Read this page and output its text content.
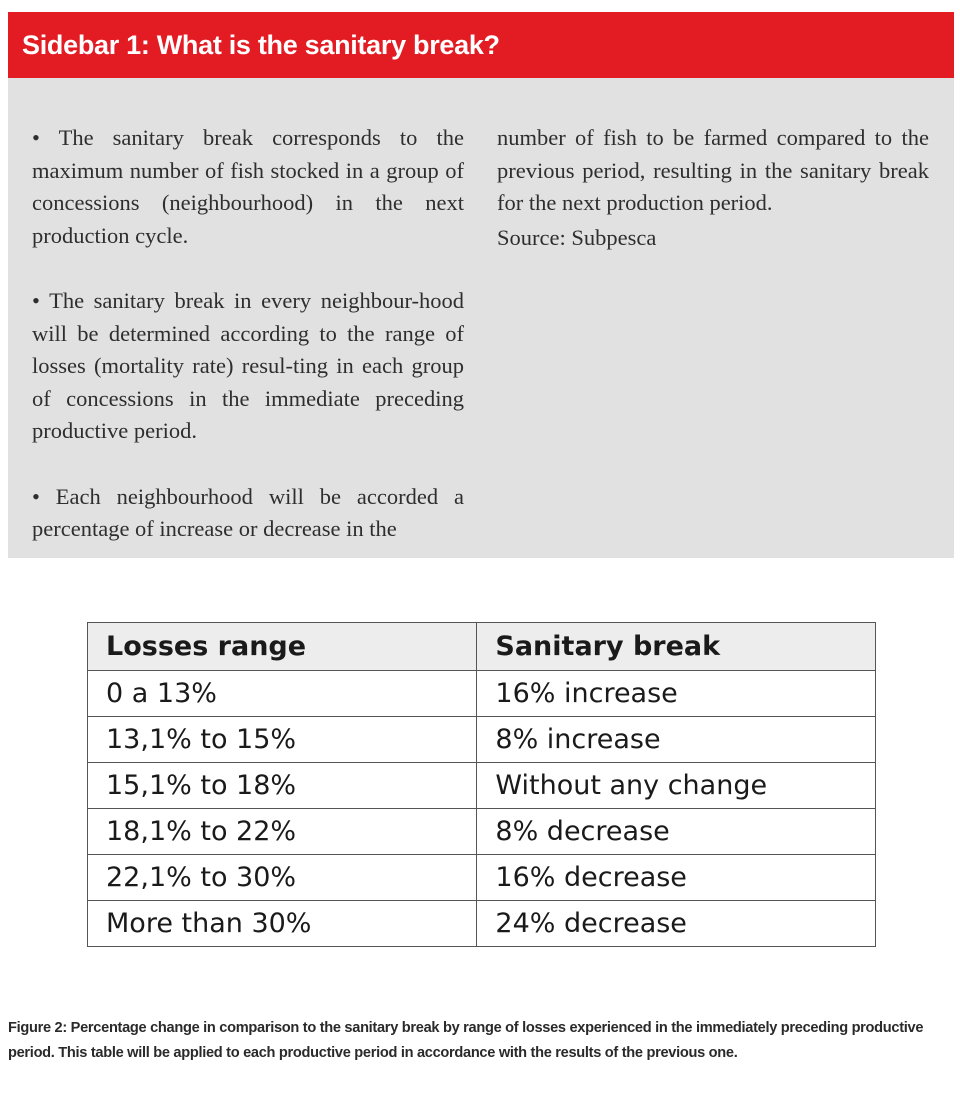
Sidebar 1: What is the sanitary break?

• The sanitary break corresponds to the maximum number of fish stocked in a group of concessions (neighbourhood) in the next production cycle.

• The sanitary break in every neighbour-hood will be determined according to the range of losses (mortality rate) resul-ting in each group of concessions in the immediate preceding productive period.

• Each neighbourhood will be accorded a percentage of increase or decrease in the

number of fish to be farmed compared to the previous period, resulting in the sanitary break for the next production period.

Source: Subpesca

Losses range	Sanitary break
0 a 13%	16% increase
13,1% to 15%	8% increase
15,1% to 18%	Without any change
18,1% to 22%	8% decrease
22,1% to 30%	16% decrease
More than 30%	24% decrease
Figure 2: Percentage change in comparison to the sanitary break by range of losses experienced in the immediately preceding productive period. This table will be applied to each productive period in accordance with the results of the previous one.
